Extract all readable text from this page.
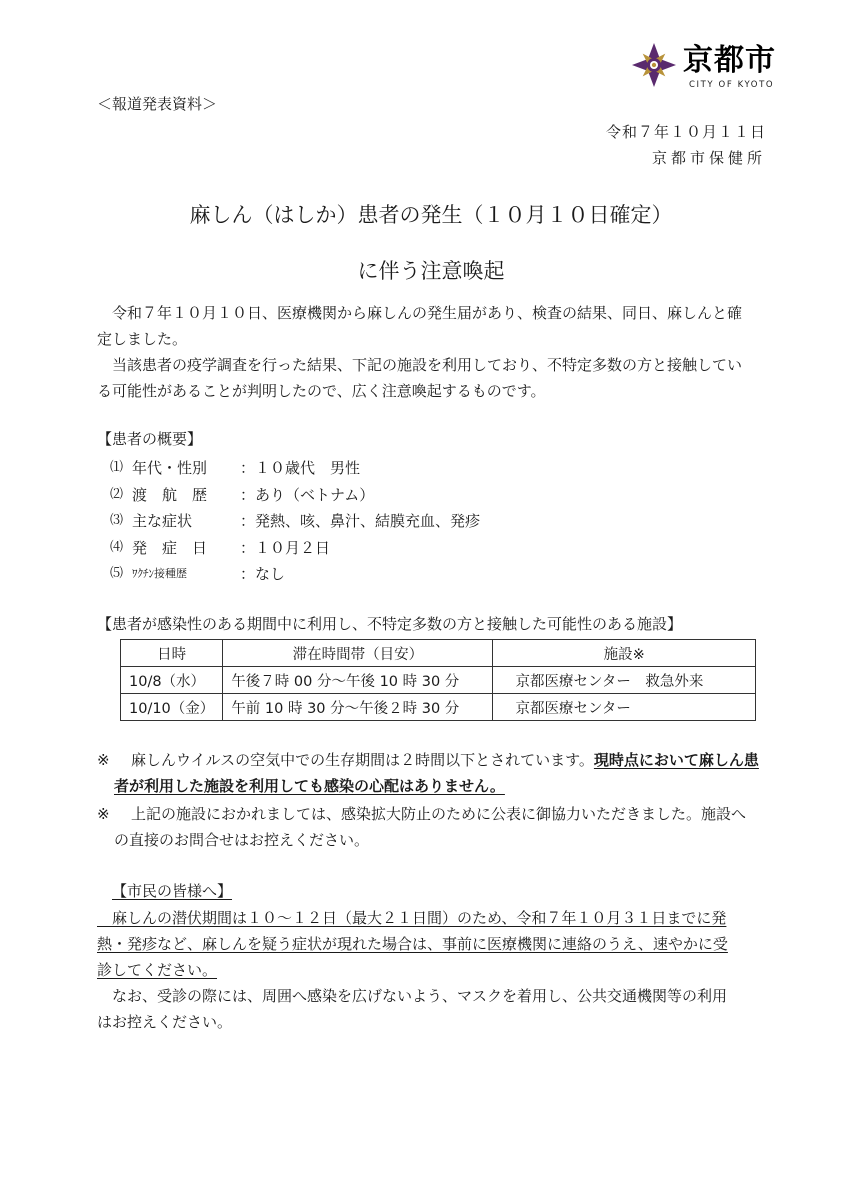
京都市
CITY OF KYOTO
＜報道発表資料＞
令和７年１０月１１日
京都市保健所
麻しん（はしか）患者の発生（１０月１０日確定）
に伴う注意喚起
　令和７年１０月１０日、医療機関から麻しんの発生届があり、検査の結果、同日、麻しんと確
定しました。
　当該患者の疫学調査を行った結果、下記の施設を利用しており、不特定多数の方と接触してい
る可能性があることが判明したので、広く注意喚起するものです。
【患者の概要】
⑴ 年代・性別	：１０歳代　男性
⑵ 渡　航　歴	：あり（ベトナム）
⑶ 主な症状	：発熱、咳、鼻汁、結膜充血、発疹
⑷ 発　症　日	：１０月２日
⑸ ﾜｸﾁﾝ接種歴	：なし
【患者が感染性のある期間中に利用し、不特定多数の方と接触した可能性のある施設】
日時	滞在時間帯（目安）	施設※
10/8（水）	午後７時 00 分～午後 10 時 30 分	京都医療センター　救急外来
10/10（金）	午前 10 時 30 分～午後２時 30 分	京都医療センター
※ 麻しんウイルスの空気中での生存期間は２時間以下とされています。現時点において麻しん患
者が利用した施設を利用しても感染の心配はありません。
※ 上記の施設におかれましては、感染拡大防止のために公表に御協力いただきました。施設へ
の直接のお問合せはお控えください。
【市民の皆様へ】
　麻しんの潜伏期間は１０～１２日（最大２１日間）のため、令和７年１０月３１日までに発
熱・発疹など、麻しんを疑う症状が現れた場合は、事前に医療機関に連絡のうえ、速やかに受
診してください。
　なお、受診の際には、周囲へ感染を広げないよう、マスクを着用し、公共交通機関等の利用
はお控えください。
